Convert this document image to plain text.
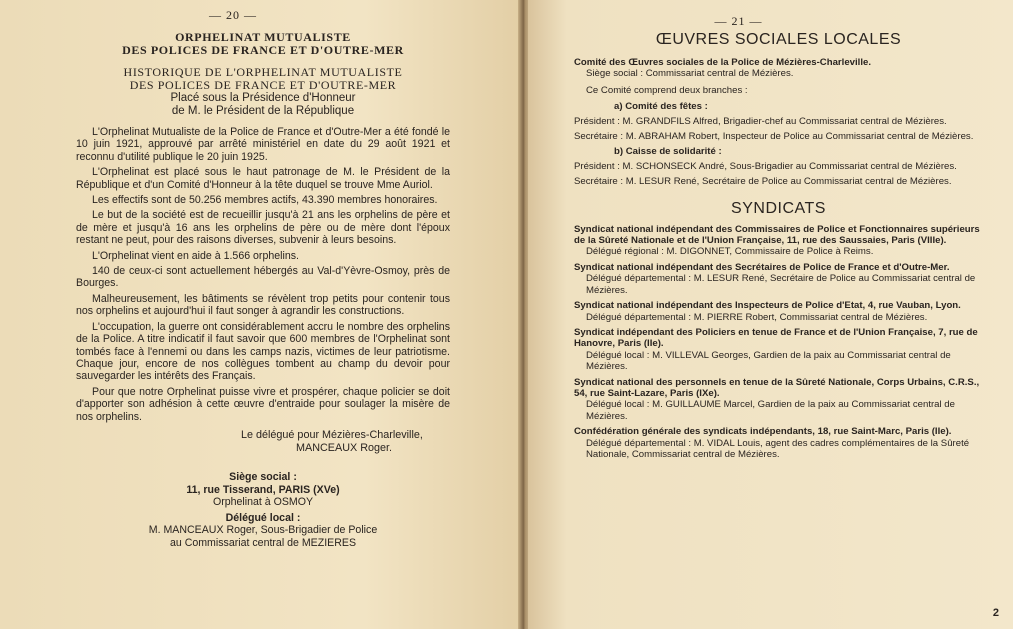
— 20 —
ORPHELINAT MUTUALISTE
DES POLICES DE FRANCE ET D'OUTRE-MER
HISTORIQUE DE L'ORPHELINAT MUTUALISTE
DES POLICES DE FRANCE ET D'OUTRE-MER
Placé sous la Présidence d'Honneur
de M. le Président de la République

L'Orphelinat Mutualiste de la Police de France et d'Outre-Mer a été fondé le 10 juin 1921, approuvé par arrêté ministériel en date du 29 août 1921 et reconnu d'utilité publique le 20 juin 1925.

L'Orphelinat est placé sous le haut patronage de M. le Président de la République et d'un Comité d'Honneur à la tête duquel se trouve Mme Auriol.

Les effectifs sont de 50.256 membres actifs, 43.390 membres honoraires.

Le but de la société est de recueillir jusqu'à 21 ans les orphelins de père et de mère et jusqu'à 16 ans les orphelins de père ou de mère dont l'époux restant ne peut, pour des raisons diverses, subvenir à leurs besoins.

L'Orphelinat vient en aide à 1.566 orphelins.

140 de ceux-ci sont actuellement hébergés au Val-d'Yèvre-Osmoy, près de Bourges.

Malheureusement, les bâtiments se révèlent trop petits pour contenir tous nos orphelins et aujourd'hui il faut songer à agrandir les constructions.

L'occupation, la guerre ont considérablement accru le nombre des orphelins de la Police. A titre indicatif il faut savoir que 600 membres de l'Orphelinat sont tombés face à l'ennemi ou dans les camps nazis, victimes de leur patriotisme. Chaque jour, encore de nos collègues tombent au champ du devoir pour sauvegarder les intérêts des Français.

Pour que notre Orphelinat puisse vivre et prospérer, chaque policier se doit d'apporter son adhésion à cette œuvre d'entraide pour soulager la misère de nos orphelins.

Le délégué pour Mézières-Charleville,
MANCEAUX Roger.
Siège social :
11, rue Tisserand, PARIS (XVe)
Orphelinat à OSMOY
Délégué local :
M. MANCEAUX Roger, Sous-Brigadier de Police
au Commissariat central de MEZIERES
— 21 —
ŒUVRES SOCIALES LOCALES
Comité des Œuvres sociales de la Police de Mézières-Charleville.
Siège social : Commissariat central de Mézières.
Ce Comité comprend deux branches :
a) Comité des fêtes :
Président : M. GRANDFILS Alfred, Brigadier-chef au Commissariat central de Mézières.
Secrétaire : M. ABRAHAM Robert, Inspecteur de Police au Commissariat central de Mézières.
b) Caisse de solidarité :
Président : M. SCHONSECK André, Sous-Brigadier au Commissariat central de Mézières.
Secrétaire : M. LESUR René, Secrétaire de Police au Commissariat central de Mézières.
SYNDICATS
Syndicat national indépendant des Commissaires de Police et Fonctionnaires supérieurs de la Sûreté Nationale et de l'Union Française, 11, rue des Saussaies, Paris (VIIIe).
Délégué régional : M. DIGONNET, Commissaire de Police à Reims.
Syndicat national indépendant des Secrétaires de Police de France et d'Outre-Mer.
Délégué départemental : M. LESUR René, Secrétaire de Police au Commissariat central de Mézières.
Syndicat national indépendant des Inspecteurs de Police d'Etat, 4, rue Vauban, Lyon.
Délégué départemental : M. PIERRE Robert, Commissariat central de Mézières.
Syndicat indépendant des Policiers en tenue de France et de l'Union Française, 7, rue de Hanovre, Paris (IIe).
Délégué local : M. VILLEVAL Georges, Gardien de la paix au Commissariat central de Mézières.
Syndicat national des personnels en tenue de la Sûreté Nationale, Corps Urbains, C.R.S., 54, rue Saint-Lazare, Paris (IXe).
Délégué local : M. GUILLAUME Marcel, Gardien de la paix au Commissariat central de Mézières.
Confédération générale des syndicats indépendants, 18, rue Saint-Marc, Paris (IIe).
Délégué départemental : M. VIDAL Louis, agent des cadres complémentaires de la Sûreté Nationale, Commissariat central de Mézières.
2
